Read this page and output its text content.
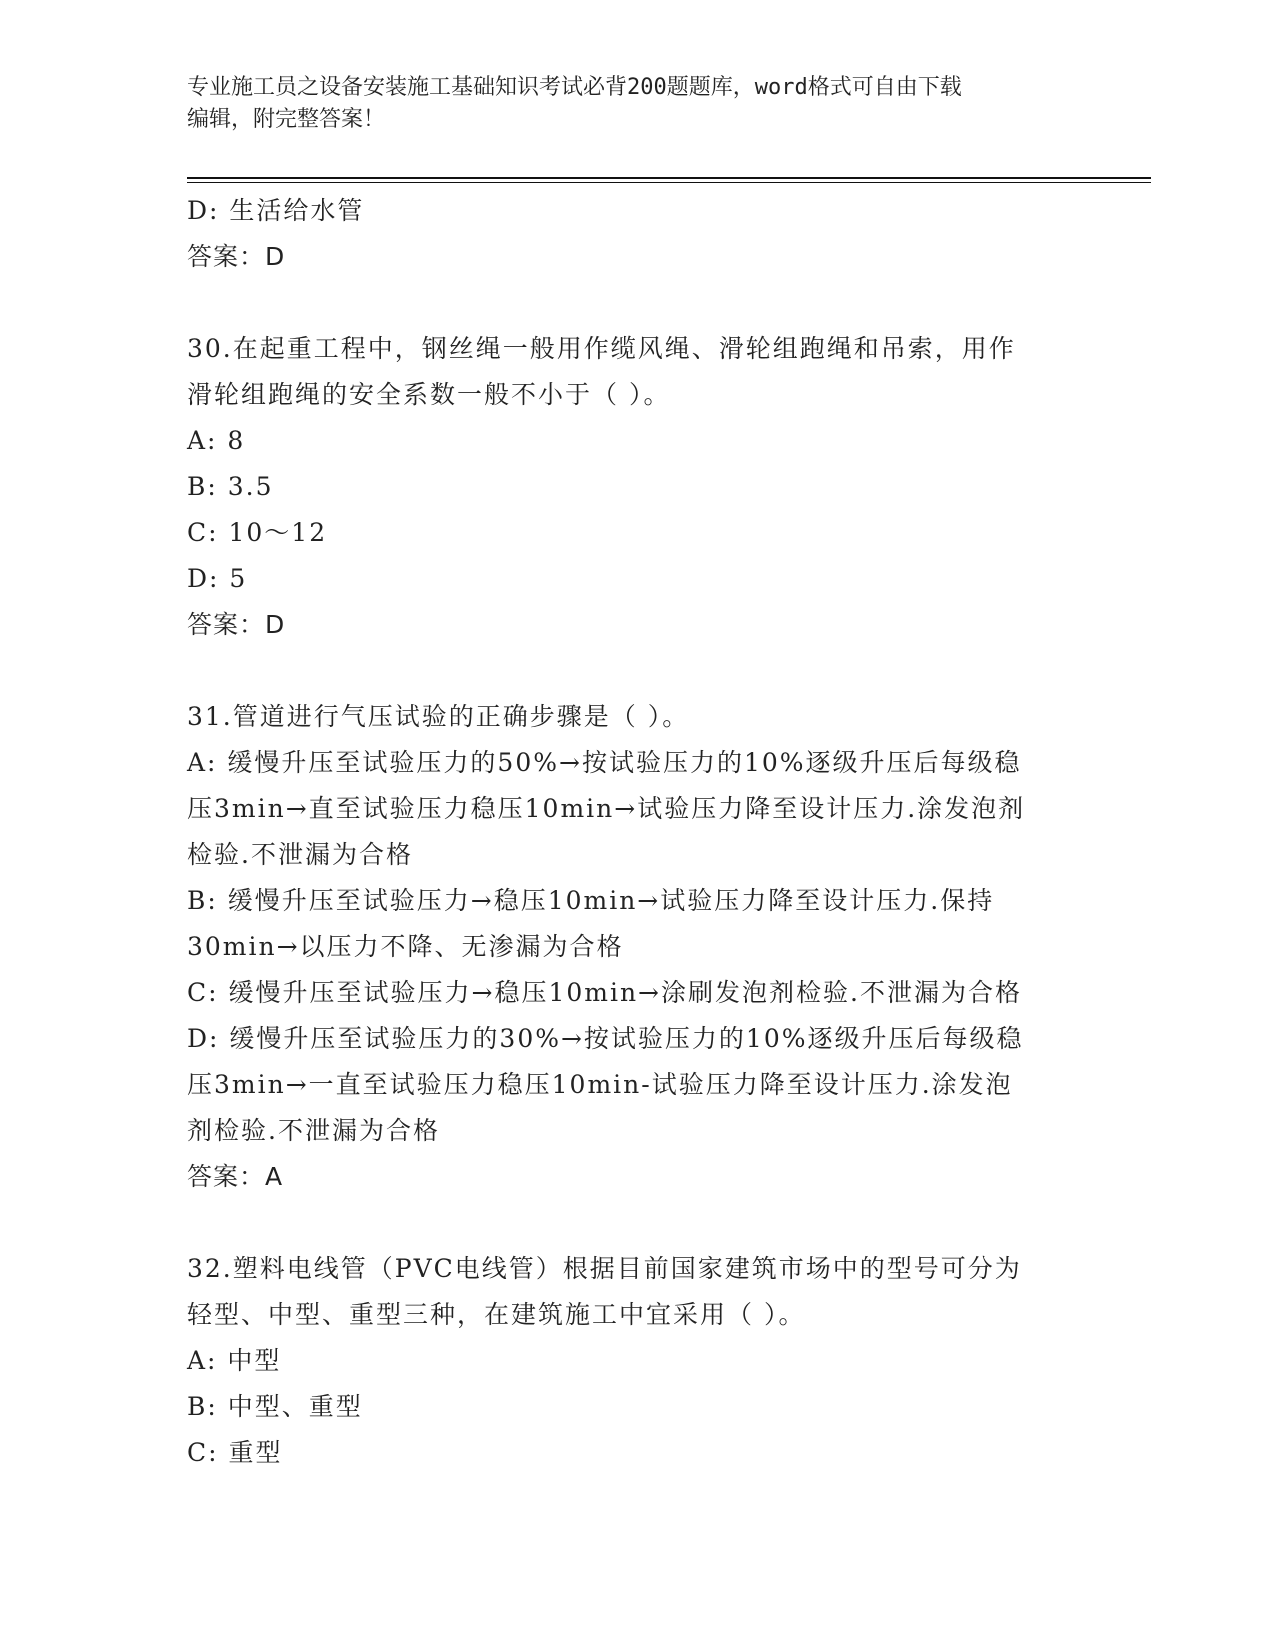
专业施工员之设备安装施工基础知识考试必背200题题库，word格式可自由下载
编辑，附完整答案！
D: 生活给水管
答案：D
30.在起重工程中，钢丝绳一般用作缆风绳、滑轮组跑绳和吊索，用作
滑轮组跑绳的安全系数一般不小于（ ）。
A: 8
B: 3.5
C: 10～12
D: 5
答案：D
31.管道进行气压试验的正确步骤是（ ）。
A: 缓慢升压至试验压力的50%→按试验压力的10%逐级升压后每级稳
压3min→直至试验压力稳压10min→试验压力降至设计压力.涂发泡剂
检验.不泄漏为合格
B: 缓慢升压至试验压力→稳压10min→试验压力降至设计压力.保持
30min→以压力不降、无渗漏为合格
C: 缓慢升压至试验压力→稳压10min→涂刷发泡剂检验.不泄漏为合格
D: 缓慢升压至试验压力的30%→按试验压力的10%逐级升压后每级稳
压3min→一直至试验压力稳压10min-试验压力降至设计压力.涂发泡
剂检验.不泄漏为合格
答案：A
32.塑料电线管（PVC电线管）根据目前国家建筑市场中的型号可分为
轻型、中型、重型三种，在建筑施工中宜采用（ ）。
A: 中型
B: 中型、重型
C: 重型
